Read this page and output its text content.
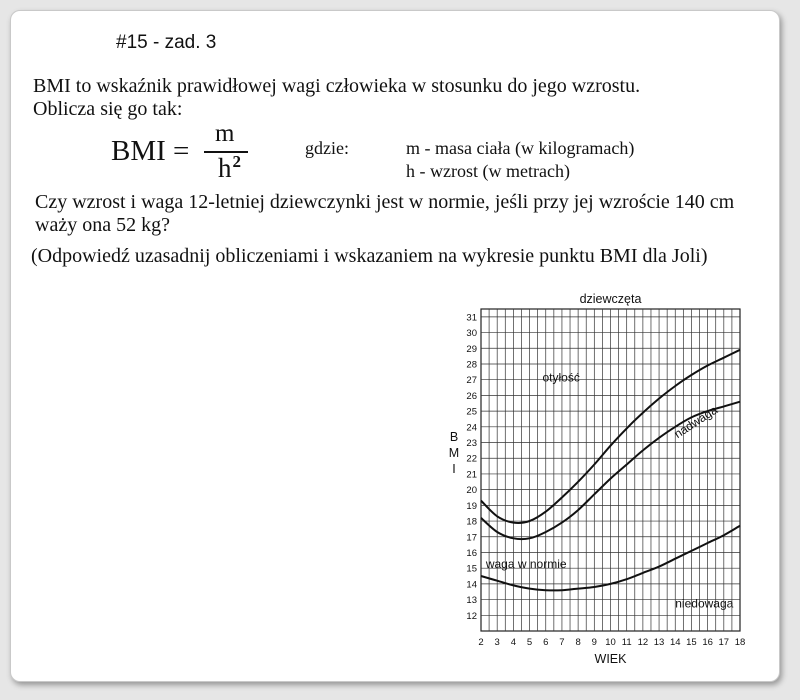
#15 - zad. 3
BMI to wskaźnik prawidłowej wagi człowieka w stosunku do jego wzrostu.
Oblicza się go tak:
BMI =
m
$h^2$
gdzie:	m - masa ciała (w kilogramach)
h - wzrost (w metrach)
Czy wzrost i waga 12-letniej dziewczynki jest w normie, jeśli przy jej wzroście 140 cm
waży ona 52 kg?
(Odpowiedź uzasadnij obliczeniami i wskazaniem na wykresie punktu BMI dla Joli)
2 3 4 5 6 7 8 9 10 11 12 13 14 15 16 17 18
12
13
14
15
16
17
18
19
20
21
22
23
24
25
26
27
28
29
30
31
dziewczęta
WIEK
B
M
I
otyłość
nadwaga
waga w normie
niedowaga
